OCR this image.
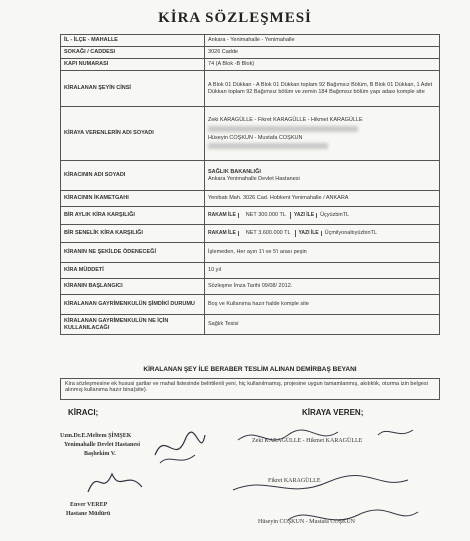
KİRA SÖZLEŞMESİ
İL - İLÇE - MAHALLE	Ankara - Yenimahalle - Yenimahalle
SOKAĞI / CADDESI	3026 Cadde
KAPI NUMARASI	74 (A Blok -B Blok)
KİRALANAN ŞEYİN CİNSİ	A Blok 01 Dükkan - A Blok 01 Dükkan toplam 92 Bağımsız Bölüm, B Blok 01 Dükkan, 1 Adet Dükkan toplam 92 Bağımsız bölüm ve zemin 184 Bağımsız bölüm yapı adası komple site
KİRAYA VERENLERİN ADI SOYADI	Zeki KARAGÜLLE - Fikret KARAGÜLLE - Hikmet KARAGÜLLE
Hüseyin COŞKUN - Mustafa COŞKUN

KİRACININ ADI SOYADI	SAĞLIK BAKANLIĞI
Ankara Yenimahalle Devlet Hastanesi

KİRACININ İKAMETGAHI	Yenibatı Mah. 3026 Cad. Hobkent Yenimahalle / ANKARA
BİR AYLIK KİRA KARŞILIĞI	RAKAM İLE NET 300.000 TL YAZI İLE ÜçyüzbinTL

BİR SENELİK KİRA KARŞILIĞI	RAKAM İLE NET 3.600.000 TL YAZI İLE ÜçmilyonaltıyüzbinTL

KİRANIN NE ŞEKİLDE ÖDENECEĞİ	İşlemeden, Her ayın 1'i ve 5'i arası peşin
KİRA MÜDDETİ	10 yıl
KİRANIN BAŞLANGICI	Sözleşme İmza Tarihi 09/08/ 2012.
KİRALANAN GAYRİMENKULÜN ŞİMDİKİ DURUMU	Boş ve Kullanıma hazır halde komple site
KİRALANAN GAYRİMENKULÜN NE İÇİN KULLANILACAĞI	Sağlık Tesisi
KİRALANAN ŞEY İLE BERABER TESLİM ALINAN DEMİRBAŞ BEYANI
Kira sözleşmesine ek hususi şartlar ve mahal listesinde belirtilenli yeni, hiç kullanılmamış, projesine uygun tamamlanmış, akıtıklık, oturma izin belgesi alınmış kullanıma hazır bina(site).
KİRACI;	KİRAYA VEREN;
Uzm.Dr.E.Meltem ŞİMŞEK
Yenimahalle Devlet Hastanesi
Başhekim V.
Enver VEREP
Hastane Müdürü
Zeki KARAGÜLLE - Hikmet KARAGÜLLE
Fikret KARAGÜLLE
Hüseyin COŞKUN - Mustafa COŞKUN
